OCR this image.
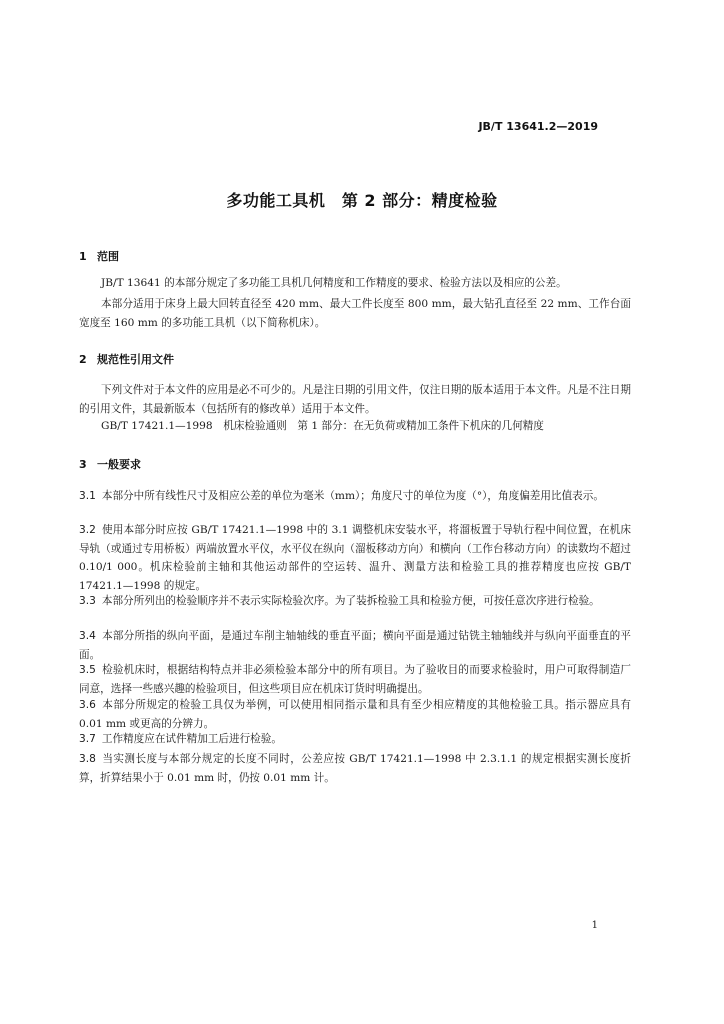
JB/T 13641.2—2019
多功能工具机　第 2 部分：精度检验
1 范围

JB/T 13641 的本部分规定了多功能工具机几何精度和工作精度的要求、检验方法以及相应的公差。

本部分适用于床身上最大回转直径至 420 mm、最大工件长度至 800 mm，最大钻孔直径至 22 mm、工作台面宽度至 160 mm 的多功能工具机（以下简称机床）。

2 规范性引用文件

下列文件对于本文件的应用是必不可少的。凡是注日期的引用文件，仅注日期的版本适用于本文件。凡是不注日期的引用文件，其最新版本（包括所有的修改单）适用于本文件。

GB/T 17421.1—1998　机床检验通则　第 1 部分：在无负荷或精加工条件下机床的几何精度

3 一般要求

3.1 本部分中所有线性尺寸及相应公差的单位为毫米（mm）；角度尺寸的单位为度（°），角度偏差用比值表示。

3.2 使用本部分时应按 GB/T 17421.1—1998 中的 3.1 调整机床安装水平，将溜板置于导轨行程中间位置，在机床导轨（或通过专用桥板）两端放置水平仪，水平仪在纵向（溜板移动方向）和横向（工作台移动方向）的读数均不超过 0.10/1 000。机床检验前主轴和其他运动部件的空运转、温升、测量方法和检验工具的推荐精度也应按 GB/T 17421.1—1998 的规定。

3.3 本部分所列出的检验顺序并不表示实际检验次序。为了装拆检验工具和检验方便，可按任意次序进行检验。

3.4 本部分所指的纵向平面，是通过车削主轴轴线的垂直平面；横向平面是通过钻铣主轴轴线并与纵向平面垂直的平面。

3.5 检验机床时，根据结构特点并非必须检验本部分中的所有项目。为了验收目的而要求检验时，用户可取得制造厂同意，选择一些感兴趣的检验项目，但这些项目应在机床订货时明确提出。

3.6 本部分所规定的检验工具仅为举例，可以使用相同指示量和具有至少相应精度的其他检验工具。指示器应具有 0.01 mm 或更高的分辨力。

3.7 工作精度应在试件精加工后进行检验。

3.8 当实测长度与本部分规定的长度不同时，公差应按 GB/T 17421.1—1998 中 2.3.1.1 的规定根据实测长度折算，折算结果小于 0.01 mm 时，仍按 0.01 mm 计。

1
